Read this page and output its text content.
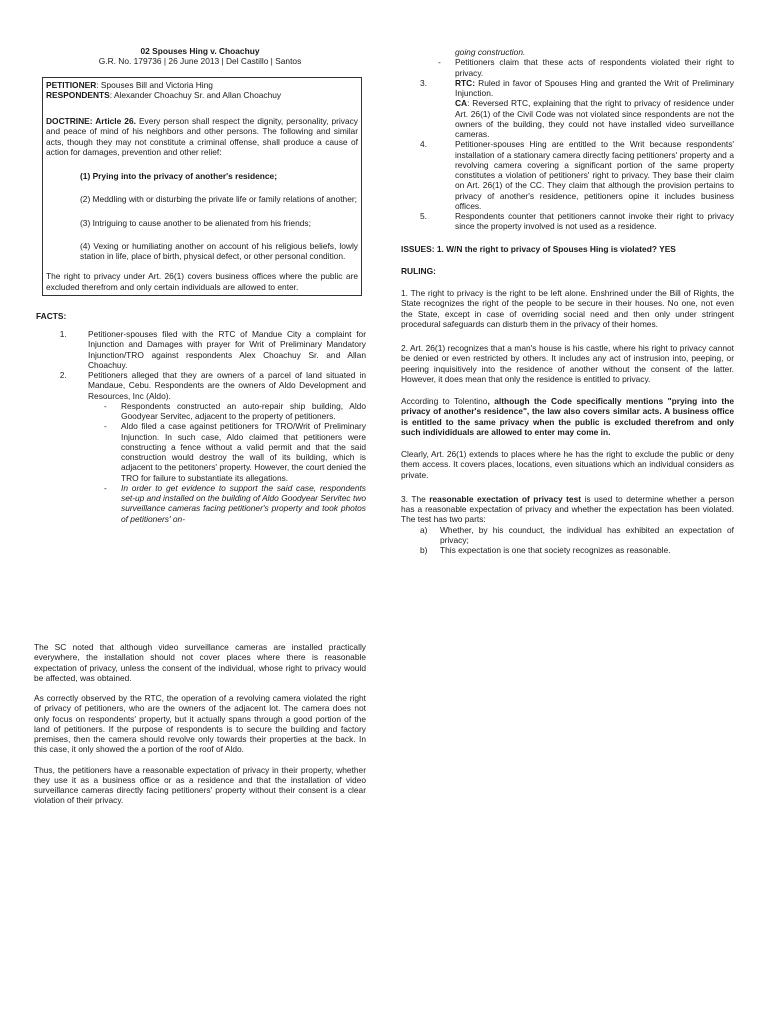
02 Spouses Hing v. Choachuy

G.R. No. 179736 | 26 June 2013 | Del Castillo | Santos

PETITIONER: Spouses Bill and Victoria Hing

RESPONDENTS: Alexander Choachuy Sr. and Allan Choachuy

DOCTRINE: Article 26. Every person shall respect the dignity, personality, privacy and peace of mind of his neighbors and other persons. The following and similar acts, though they may not constitute a criminal offense, shall produce a cause of action for damages, prevention and other relief:

(1) Prying into the privacy of another's residence;

(2) Meddling with or disturbing the private life or family relations of another;

(3) Intriguing to cause another to be alienated from his friends;

(4) Vexing or humiliating another on account of his religious beliefs, lowly station in life, place of birth, physical defect, or other personal condition.

The right to privacy under Art. 26(1) covers business offices where the public are excluded therefrom and only certain individuals are allowed to enter.

FACTS:

1. Petitioner-spouses filed with the RTC of Mandue City a complaint for Injunction and Damages with prayer for Writ of Preliminary Mandatory Injunction/TRO against respondents Alex Choachuy Sr. and Allan Choachuy.
2. Petitioners alleged that they are owners of a parcel of land situated in Mandaue, Cebu. Respondents are the owners of Aldo Development and Resources, Inc (Aldo).
- Respondents constructed an auto-repair ship building, Aldo Goodyear Servitec, adjacent to the property of petitioners.
- Aldo filed a case against petitioners for TRO/Writ of Preliminary Injunction. In such case, Aldo claimed that petitioners were constructing a fence without a valid permit and that the said construction would destroy the wall of its building, which is adjacent to the petitoners' property. However, the court denied the TRO for failure to substantiate its allegations.
- In order to get evidence to support the said case, respondents set-up and installed on the building of Aldo Goodyear Servitec two surveillance cameras facing petitioner's property and took photos of petitioners' on-
going construction.
- Petitioners claim that these acts of respondents violated their right to privacy.

RTC: Ruled in favor of Spouses Hing and granted the Writ of Preliminary Injunction.

CA: Reversed RTC, explaining that the right to privacy of residence under Art. 26(1) of the Civil Code was not violated since respondents are not the owners of the building, they could not have installed video surveillance cameras.

Petitioner-spouses Hing are entitled to the Writ because respondents' installation of a stationary camera directly facing petitioners' property and a revolving camera covering a significant portion of the same property constitutes a violation of petitioners' right to privacy. They base their claim on Art. 26(1) of the CC. They claim that although the provision pertains to privacy of another's residence, petitioners opine it includes business offices.
Respondents counter that petitioners cannot invoke their right to privacy since the property involved is not used as a residence.

ISSUES: 1. W/N the right to privacy of Spouses Hing is violated? YES

RULING:

1. The right to privacy is the right to be left alone. Enshrined under the Bill of Rights, the State recognizes the right of the people to be secure in their houses. No one, not even the State, except in case of overriding social need and then only under stringent procedural safeguards can disturb them in the privacy of their homes.

2. Art. 26(1) recognizes that a man's house is his castle, where his right to privacy cannot be denied or even restricted by others. It includes any act of instrusion into, peeping, or peering inquisitively into the residence of another without the consent of the latter. However, it does mean that only the residence is entitled to privacy.

According to Tolentino, although the Code specifically mentions "prying into the privacy of another's residence", the law also covers similar acts. A business office is entitled to the same privacy when the public is excluded therefrom and only such individiduals are allowed to enter may come in.

Clearly, Art. 26(1) extends to places where he has the right to exclude the public or deny them access. It covers places, locations, even situations which an individual considers as private.

3. The reasonable exectation of privacy test is used to determine whether a person has a reasonable expectation of privacy and whether the expectation has been violated. The test has two parts:

a) Whether, by his counduct, the individual has exhibited an expectation of privacy;
b) This expectation is one that society recognizes as reasonable.

The SC noted that although video surveillance cameras are installed practically everywhere, the installation should not cover places where there is reasonable expectation of privacy, unless the consent of the individual, whose right to privacy would be affected, was obtained.

As correctly observed by the RTC, the operation of a revolving camera violated the right of privacy of petitioners, who are the owners of the adjacent lot. The camera does not only focus on respondents' property, but it actually spans through a good portion of the land of petitioners. If the purpose of respondents is to secure the building and factory premises, then the camera should revolve only towards their properties at the back. In this case, it only showed the a portion of the roof of Aldo.

Thus, the petitioners have a reasonable expectation of privacy in their property, whether they use it as a business office or as a residence and that the installation of video surveillance cameras directly facing petitioners' property without their consent is a clear violation of their privacy.
